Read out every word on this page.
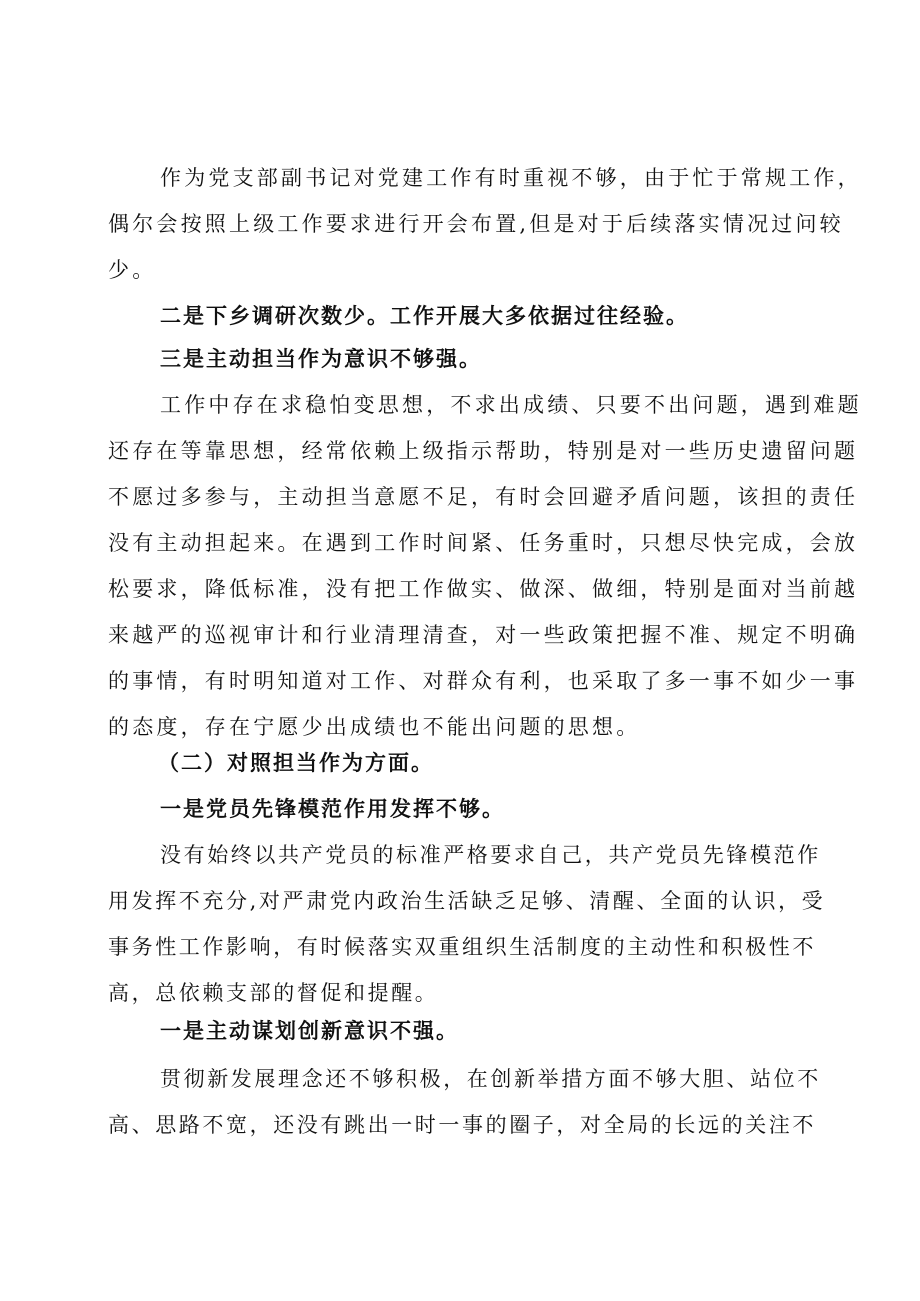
作为党支部副书记对党建工作有时重视不够，由于忙于常规工作，
偶尔会按照上级工作要求进行开会布置,但是对于后续落实情况过问较
少。
二是下乡调研次数少。工作开展大多依据过往经验。
三是主动担当作为意识不够强。
工作中存在求稳怕变思想，不求出成绩、只要不出问题，遇到难题
还存在等靠思想，经常依赖上级指示帮助，特别是对一些历史遗留问题
不愿过多参与，主动担当意愿不足，有时会回避矛盾问题，该担的责任
没有主动担起来。在遇到工作时间紧、任务重时，只想尽快完成，会放
松要求，降低标准，没有把工作做实、做深、做细，特别是面对当前越
来越严的巡视审计和行业清理清查，对一些政策把握不准、规定不明确
的事情，有时明知道对工作、对群众有利，也采取了多一事不如少一事
的态度，存在宁愿少出成绩也不能出问题的思想。
（二）对照担当作为方面。
一是党员先锋模范作用发挥不够。
没有始终以共产党员的标准严格要求自己，共产党员先锋模范作
用发挥不充分,对严肃党内政治生活缺乏足够、清醒、全面的认识，受
事务性工作影响，有时候落实双重组织生活制度的主动性和积极性不
高，总依赖支部的督促和提醒。
一是主动谋划创新意识不强。
贯彻新发展理念还不够积极，在创新举措方面不够大胆、站位不
高、思路不宽，还没有跳出一时一事的圈子，对全局的长远的关注不
